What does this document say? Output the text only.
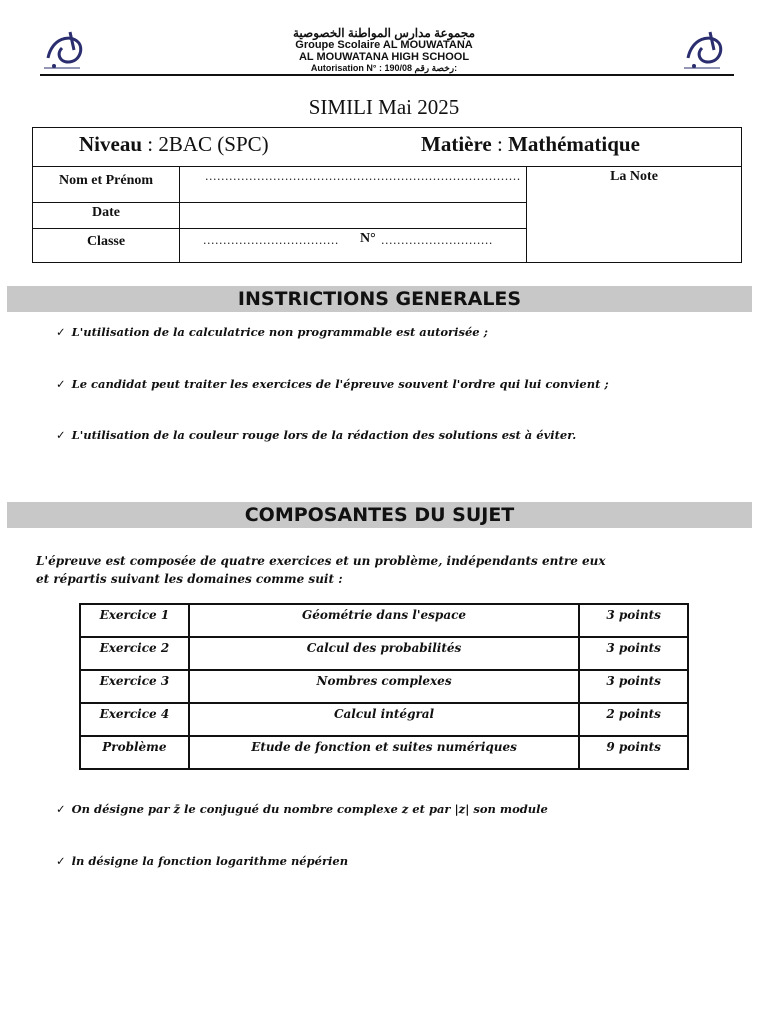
مجموعة مدارس المواطنة الخصوصية
Groupe Scolaire AL MOUWATANA
AL MOUWATANA HIGH SCHOOL
Autorisation N° : 190/08 رخصة رقم:
SIMILI Mai 2025
Niveau : 2BAC (SPC)	Matière : Mathématique
Nom et Prénom	...............................................................................
Date
Classe	.................................. N° ............................
La Note
INSTRICTIONS GENERALES
✓ L'utilisation de la calculatrice non programmable est autorisée ;
✓ Le candidat peut traiter les exercices de l'épreuve souvent l'ordre qui lui convient ;
✓ L'utilisation de la couleur rouge lors de la rédaction des solutions est à éviter.
COMPOSANTES DU SUJET
L'épreuve est composée de quatre exercices et un problème, indépendants entre eux
et répartis suivant les domaines comme suit :
Exercice 1	Géométrie dans l'espace	3 points
Exercice 2	Calcul des probabilités	3 points
Exercice 3	Nombres complexes	3 points
Exercice 4	Calcul intégral	2 points
Problème	Etude de fonction et suites numériques	9 points
✓ On désigne par z̄ le conjugué du nombre complexe z et par |z| son module
✓ ln désigne la fonction logarithme népérien
